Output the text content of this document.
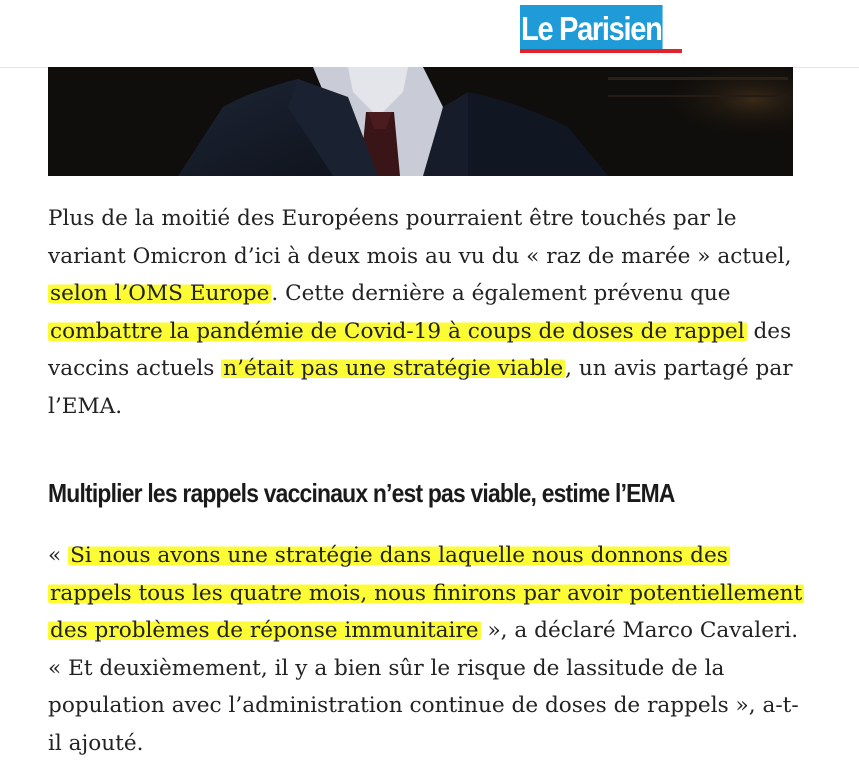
Le Parisien

Plus de la moitié des Européens pourraient être touchés par le variant Omicron d’ici à deux mois au vu du « raz de marée » actuel, selon l’OMS Europe. Cette dernière a également prévenu que combattre la pandémie de Covid-19 à coups de doses de rappel des vaccins actuels n’était pas une stratégie viable, un avis partagé par l’EMA.

Multiplier les rappels vaccinaux n’est pas viable, estime l’EMA

« Si nous avons une stratégie dans laquelle nous donnons des rappels tous les quatre mois, nous finirons par avoir potentiellement des problèmes de réponse immunitaire », a déclaré Marco Cavaleri. « Et deuxièmement, il y a bien sûr le risque de lassitude de la population avec l’administration continue de doses de rappels », a-t-il ajouté.
